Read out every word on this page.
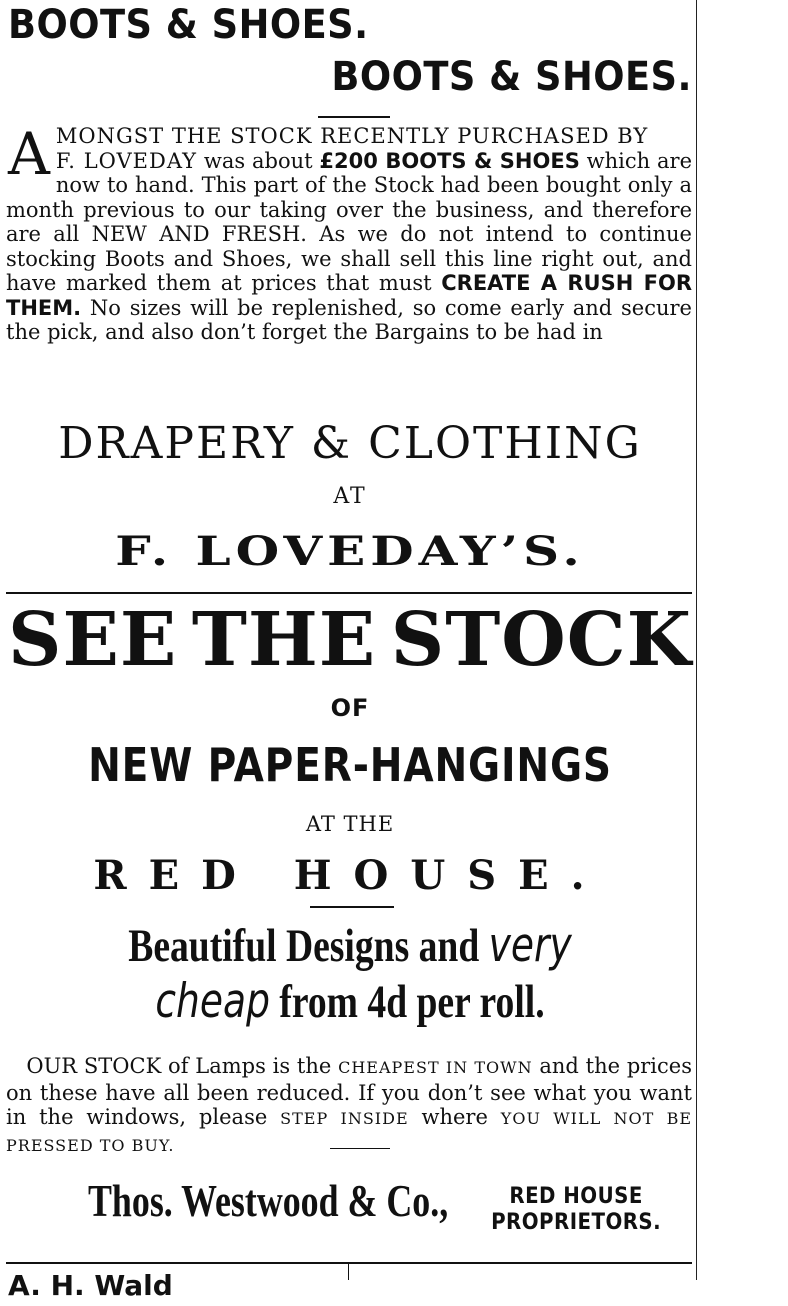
BOOTS & SHOES.
BOOTS & SHOES.
AMONGST THE STOCK RECENTLY PURCHASED BY
F. LOVEDAY was about £200 BOOTS & SHOES which are now to hand. This part of the Stock had been bought only a month previous to our taking over the business, and therefore are all NEW AND FRESH. As we do not intend to continue stocking Boots and Shoes, we shall sell this line right out, and have marked them at prices that must CREATE A RUSH FOR THEM. No sizes will be replenished, so come early and secure the pick, and also don’t forget the Bargains to be had in
DRAPERY & CLOTHING
AT
F. LOVEDAY’S.
SEE THE STOCK
OF
NEW PAPER-HANGINGS
AT THE
RED HOUSE.
Beautiful Designs and very cheap from 4d per roll.
OUR STOCK of Lamps is the CHEAPEST IN TOWN and the prices on these have all been reduced. If you don’t see what you want in the windows, please STEP INSIDE where YOU WILL NOT BE PRESSED TO BUY.
Thos. Westwood & Co.,	RED HOUSE PROPRIETORS.
A. H. Wald
